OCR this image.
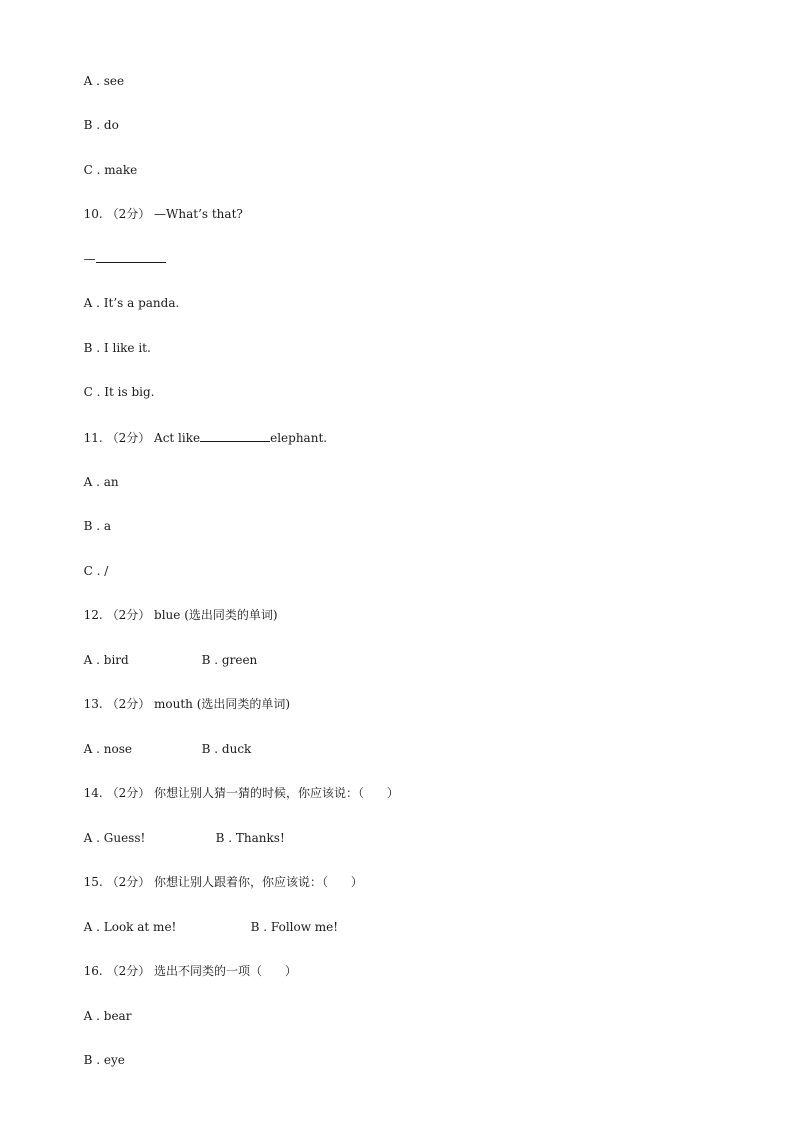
A . see

B . do

C . make

10. （2分） —What’s that?

—

A . It’s a panda.

B . I like it.

C . It is big.

11. （2分） Act like	elephant.

A . an

B . a

C . /

12. （2分） blue (选出同类的单词)

A . bird	B . green

13. （2分） mouth (选出同类的单词)

A . nose	B . duck

14. （2分） 你想让别人猜一猜的时候，你应该说：（      ）

A . Guess!	B . Thanks!

15. （2分） 你想让别人跟着你，你应该说：（      ）

A . Look at me!	B . Follow me!

16. （2分） 选出不同类的一项（      ）

A . bear

B . eye
